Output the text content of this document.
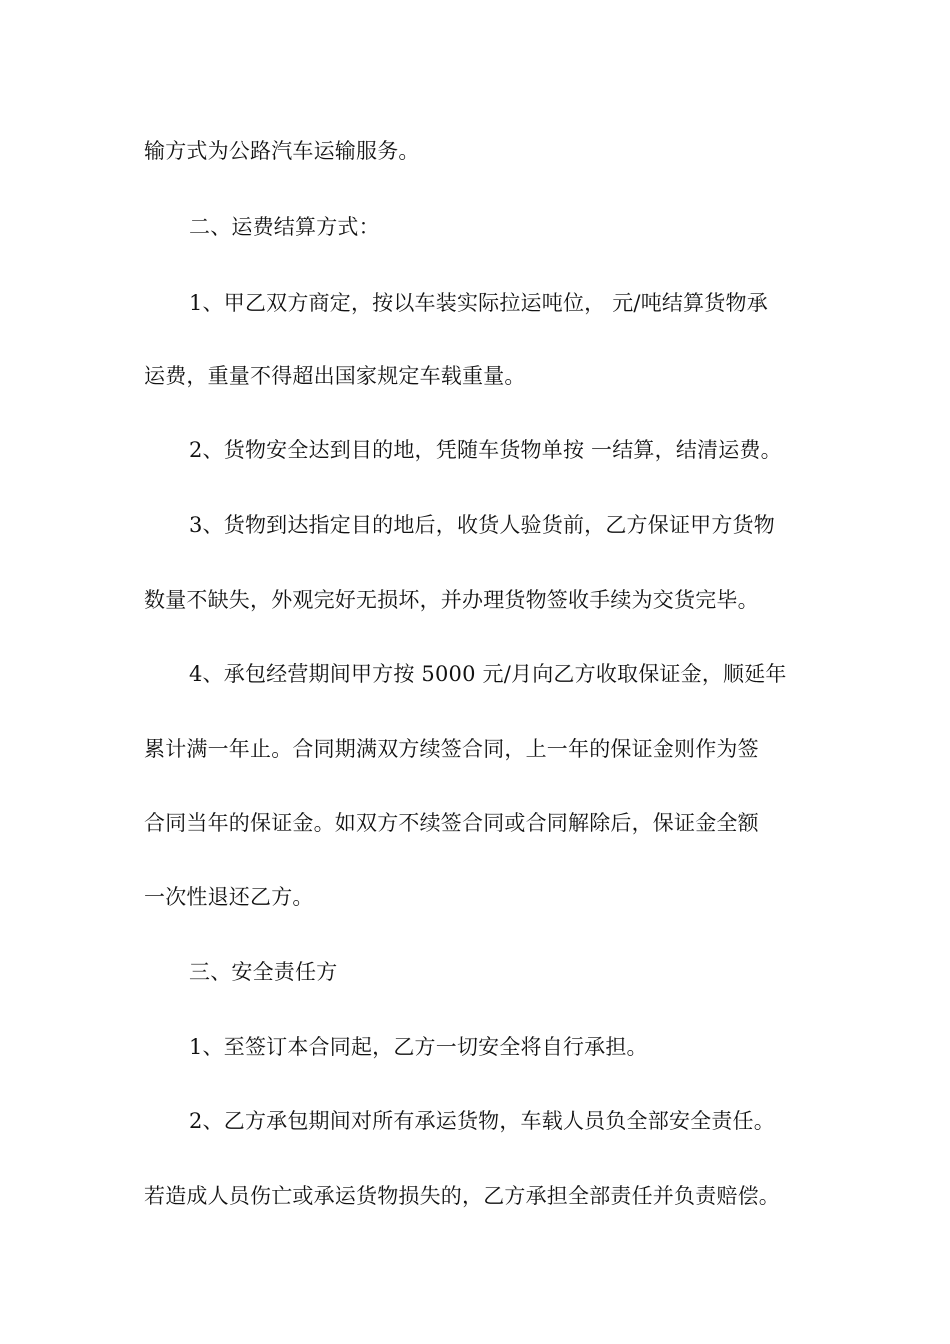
输方式为公路汽车运输服务。
二、运费结算方式：
1、甲乙双方商定，按以车装实际拉运吨位， 元/吨结算货物承
运费，重量不得超出国家规定车载重量。
2、货物安全达到目的地，凭随车货物单按 一结算，结清运费。
3、货物到达指定目的地后，收货人验货前，乙方保证甲方货物
数量不缺失，外观完好无损坏，并办理货物签收手续为交货完毕。
4、承包经营期间甲方按 5000 元/月向乙方收取保证金，顺延年
累计满一年止。合同期满双方续签合同，上一年的保证金则作为签
合同当年的保证金。如双方不续签合同或合同解除后，保证金全额
一次性退还乙方。
三、安全责任方
1、至签订本合同起，乙方一切安全将自行承担。
2、乙方承包期间对所有承运货物，车载人员负全部安全责任。
若造成人员伤亡或承运货物损失的，乙方承担全部责任并负责赔偿。
